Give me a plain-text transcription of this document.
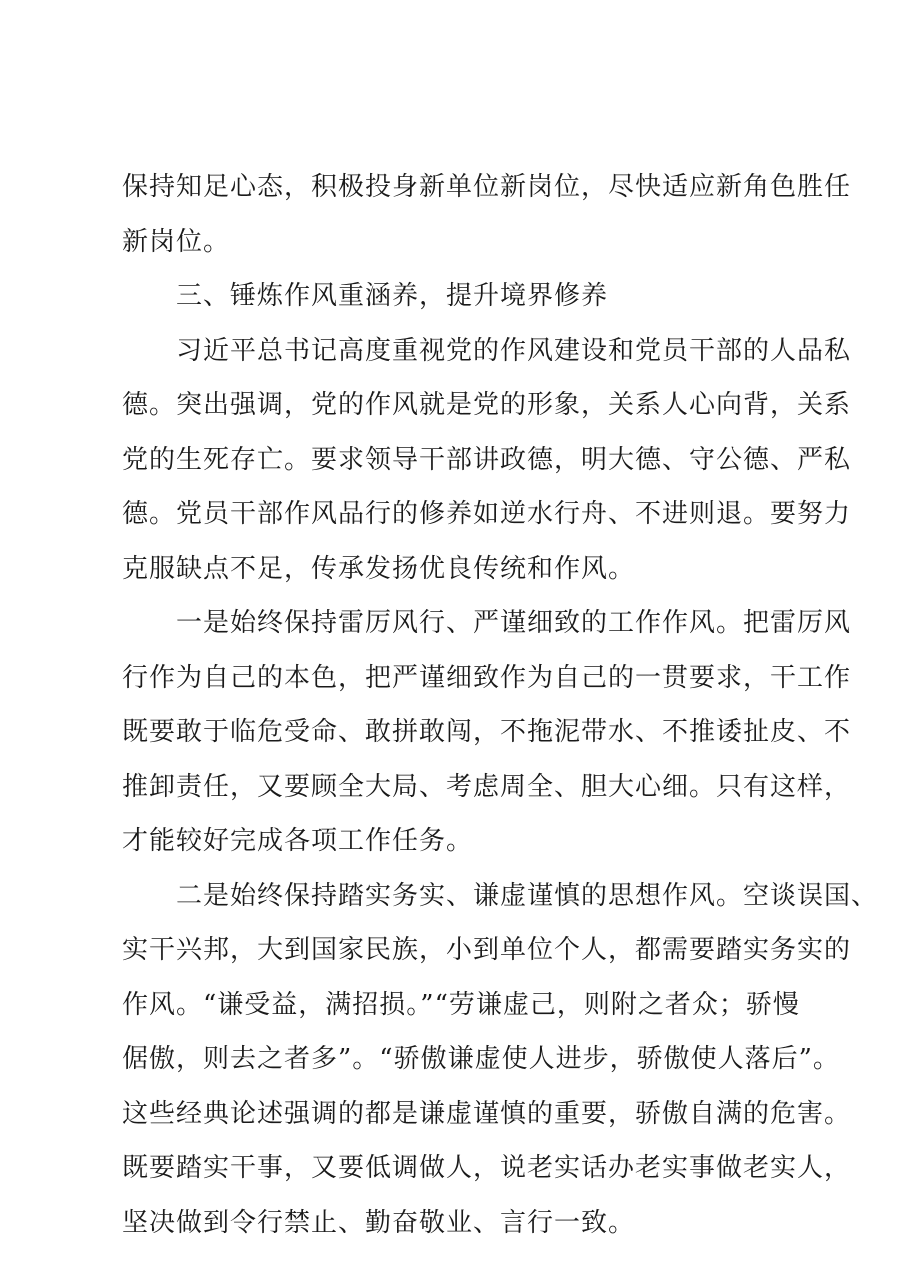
保持知足心态，积极投身新单位新岗位，尽快适应新角色胜任
新岗位。
三、锤炼作风重涵养，提升境界修养
习近平总书记高度重视党的作风建设和党员干部的人品私
德。突出强调，党的作风就是党的形象，关系人心向背，关系
党的生死存亡。要求领导干部讲政德，明大德、守公德、严私
德。党员干部作风品行的修养如逆水行舟、不进则退。要努力
克服缺点不足，传承发扬优良传统和作风。
一是始终保持雷厉风行、严谨细致的工作作风。把雷厉风
行作为自己的本色，把严谨细致作为自己的一贯要求，干工作
既要敢于临危受命、敢拼敢闯，不拖泥带水、不推诿扯皮、不
推卸责任，又要顾全大局、考虑周全、胆大心细。只有这样，
才能较好完成各项工作任务。
二是始终保持踏实务实、谦虚谨慎的思想作风。空谈误国、
实干兴邦，大到国家民族，小到单位个人，都需要踏实务实的
作风。“谦受益，满招损。”“劳谦虚己，则附之者众；骄慢
倨傲，则去之者多”。“骄傲谦虚使人进步，骄傲使人落后”。
这些经典论述强调的都是谦虚谨慎的重要，骄傲自满的危害。
既要踏实干事，又要低调做人，说老实话办老实事做老实人，
坚决做到令行禁止、勤奋敬业、言行一致。
